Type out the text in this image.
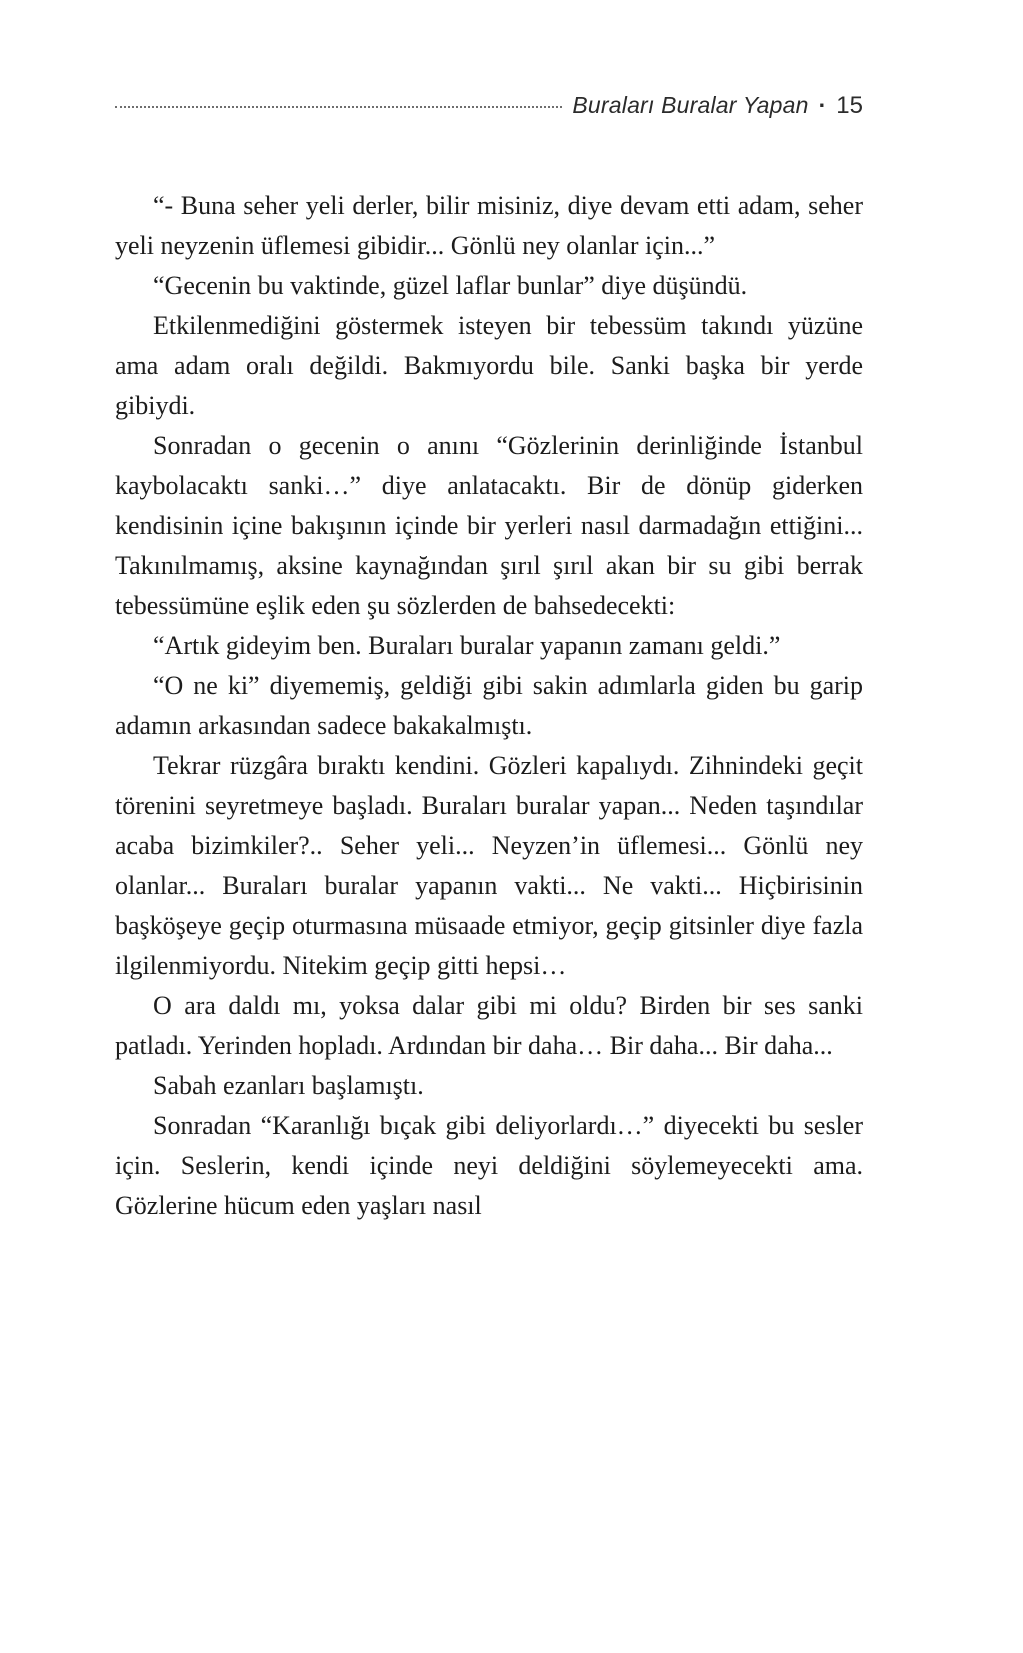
Buraları Buralar Yapan · 15

“- Buna seher yeli derler, bilir misiniz, diye devam etti adam, seher yeli neyzenin üflemesi gibidir... Gönlü ney olanlar için...”

“Gecenin bu vaktinde, güzel laflar bunlar” diye düşündü.

Etkilenmediğini göstermek isteyen bir tebessüm takındı yüzüne ama adam oralı değildi. Bakmıyordu bile. Sanki başka bir yerde gibiydi.

Sonradan o gecenin o anını “Gözlerinin derinliğinde İstanbul kaybolacaktı sanki…” diye anlatacaktı. Bir de dönüp giderken kendisinin içine bakışının içinde bir yerleri nasıl darmadağın ettiğini... Takınılmamış, aksine kaynağından şırıl şırıl akan bir su gibi berrak tebessümüne eşlik eden şu sözlerden de bahsedecekti:

“Artık gideyim ben. Buraları buralar yapanın zamanı geldi.”

“O ne ki” diyememiş, geldiği gibi sakin adımlarla giden bu garip adamın arkasından sadece bakakalmıştı.

Tekrar rüzgâra bıraktı kendini. Gözleri kapalıydı. Zihnindeki geçit törenini seyretmeye başladı. Buraları buralar yapan... Neden taşındılar acaba bizimkiler?.. Seher yeli... Neyzen’in üflemesi... Gönlü ney olanlar... Buraları buralar yapanın vakti... Ne vakti... Hiçbirisinin başköşeye geçip oturmasına müsaade etmiyor, geçip gitsinler diye fazla ilgilenmiyordu. Nitekim geçip gitti hepsi…

O ara daldı mı, yoksa dalar gibi mi oldu? Birden bir ses sanki patladı. Yerinden hopladı. Ardından bir daha… Bir daha... Bir daha...

Sabah ezanları başlamıştı.

Sonradan “Karanlığı bıçak gibi deliyorlardı…” diyecekti bu sesler için. Seslerin, kendi içinde neyi deldiğini söylemeyecekti ama. Gözlerine hücum eden yaşları nasıl
